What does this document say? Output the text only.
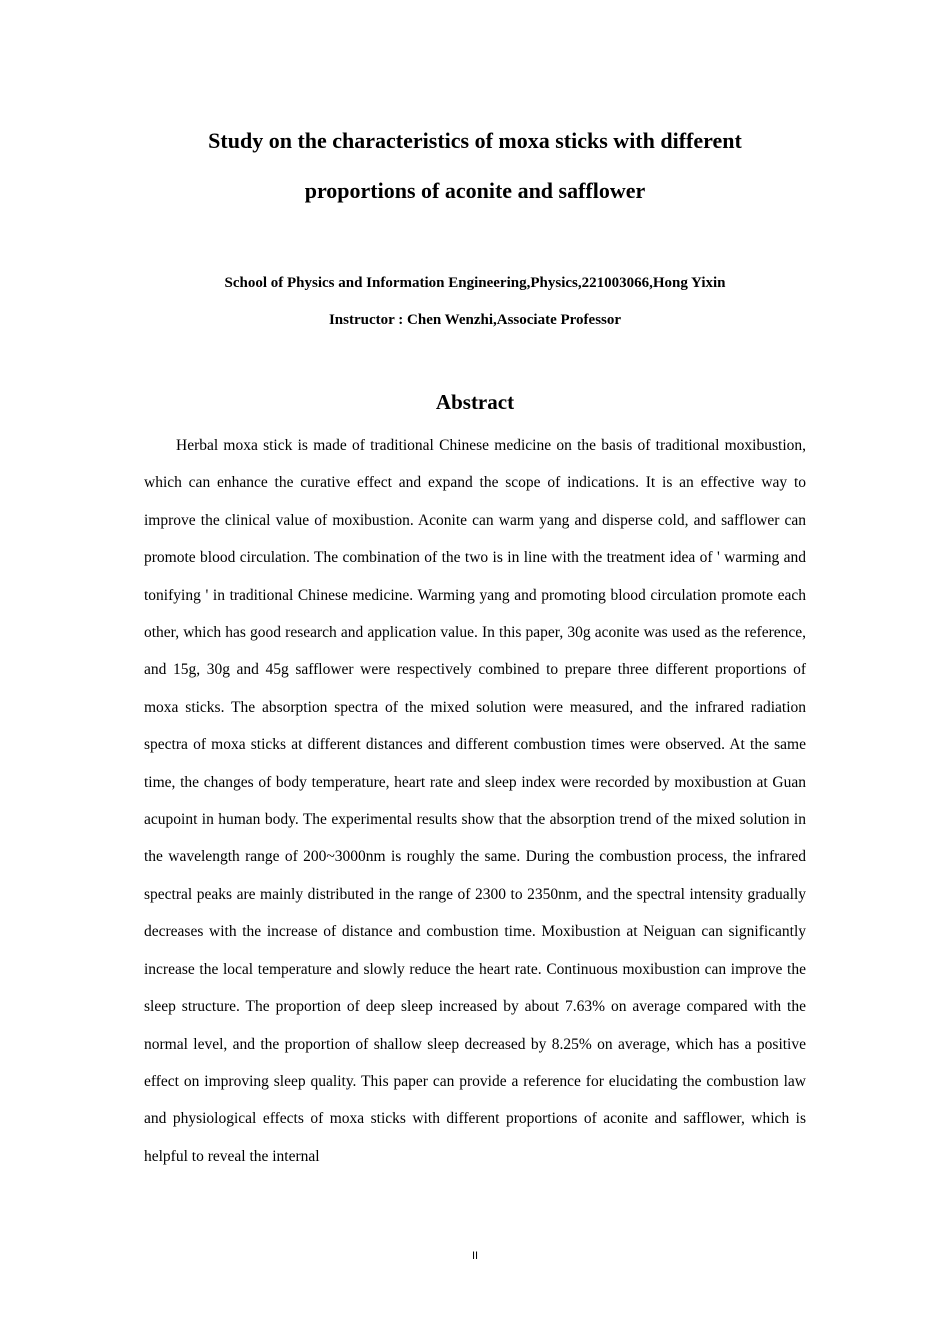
Study on the characteristics of moxa sticks with different
proportions of aconite and safflower
School of Physics and Information Engineering,Physics,221003066,Hong Yixin
Instructor : Chen Wenzhi,Associate Professor
Abstract

Herbal moxa stick is made of traditional Chinese medicine on the basis of traditional moxibustion, which can enhance the curative effect and expand the scope of indications. It is an effective way to improve the clinical value of moxibustion. Aconite can warm yang and disperse cold, and safflower can promote blood circulation. The combination of the two is in line with the treatment idea of ' warming and tonifying ' in traditional Chinese medicine. Warming yang and promoting blood circulation promote each other, which has good research and application value. In this paper, 30g aconite was used as the reference, and 15g, 30g and 45g safflower were respectively combined to prepare three different proportions of moxa sticks. The absorption spectra of the mixed solution were measured, and the infrared radiation spectra of moxa sticks at different distances and different combustion times were observed. At the same time, the changes of body temperature, heart rate and sleep index were recorded by moxibustion at Guan acupoint in human body. The experimental results show that the absorption trend of the mixed solution in the wavelength range of 200~3000nm is roughly the same. During the combustion process, the infrared spectral peaks are mainly distributed in the range of 2300 to 2350nm, and the spectral intensity gradually decreases with the increase of distance and combustion time. Moxibustion at Neiguan can significantly increase the local temperature and slowly reduce the heart rate. Continuous moxibustion can improve the sleep structure. The proportion of deep sleep increased by about 7.63% on average compared with the normal level, and the proportion of shallow sleep decreased by 8.25% on average, which has a positive effect on improving sleep quality. This paper can provide a reference for elucidating the combustion law and physiological effects of moxa sticks with different proportions of aconite and safflower, which is helpful to reveal the internal

II
